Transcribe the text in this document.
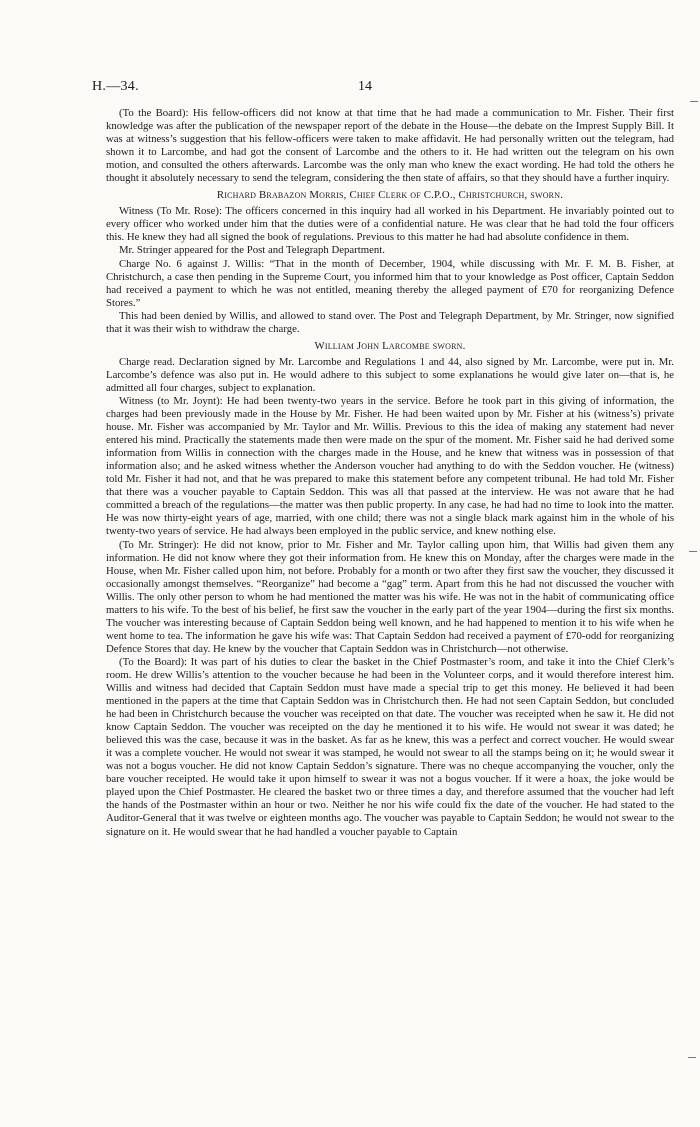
H.—34.	14

(To the Board): His fellow-officers did not know at that time that he had made a communication to Mr. Fisher. Their first knowledge was after the publication of the newspaper report of the debate in the House—the debate on the Imprest Supply Bill. It was at witness’s suggestion that his fellow-officers were taken to make affidavit. He had personally written out the telegram, had shown it to Larcombe, and had got the consent of Larcombe and the others to it. He had written out the telegram on his own motion, and consulted the others afterwards. Larcombe was the only man who knew the exact wording. He had told the others he thought it absolutely necessary to send the telegram, considering the then state of affairs, so that they should have a further inquiry.

Richard Brabazon Morris, Chief Clerk of C.P.O., Christchurch, sworn.

Witness (To Mr. Rose): The officers concerned in this inquiry had all worked in his Department. He invariably pointed out to every officer who worked under him that the duties were of a confidential nature. He was clear that he had told the four officers this. He knew they had all signed the book of regulations. Previous to this matter he had had absolute confidence in them.

Mr. Stringer appeared for the Post and Telegraph Department.

Charge No. 6 against J. Willis: “That in the month of December, 1904, while discussing with Mr. F. M. B. Fisher, at Christchurch, a case then pending in the Supreme Court, you informed him that to your knowledge as Post officer, Captain Seddon had received a payment to which he was not entitled, meaning thereby the alleged payment of £70 for reorganizing Defence Stores.”

This had been denied by Willis, and allowed to stand over. The Post and Telegraph Department, by Mr. Stringer, now signified that it was their wish to withdraw the charge.

William John Larcombe sworn.

Charge read. Declaration signed by Mr. Larcombe and Regulations 1 and 44, also signed by Mr. Larcombe, were put in. Mr. Larcombe’s defence was also put in. He would adhere to this subject to some explanations he would give later on—that is, he admitted all four charges, subject to explanation.

Witness (to Mr. Joynt): He had been twenty-two years in the service. Before he took part in this giving of information, the charges had been previously made in the House by Mr. Fisher. He had been waited upon by Mr. Fisher at his (witness’s) private house. Mr. Fisher was accompanied by Mr. Taylor and Mr. Willis. Previous to this the idea of making any statement had never entered his mind. Practically the statements made then were made on the spur of the moment. Mr. Fisher said he had derived some information from Willis in connection with the charges made in the House, and he knew that witness was in possession of that information also; and he asked witness whether the Anderson voucher had anything to do with the Seddon voucher. He (witness) told Mr. Fisher it had not, and that he was prepared to make this statement before any competent tribunal. He had told Mr. Fisher that there was a voucher payable to Captain Seddon. This was all that passed at the interview. He was not aware that he had committed a breach of the regulations—the matter was then public property. In any case, he had had no time to look into the matter. He was now thirty-eight years of age, married, with one child; there was not a single black mark against him in the whole of his twenty-two years of service. He had always been employed in the public service, and knew nothing else.

(To Mr. Stringer): He did not know, prior to Mr. Fisher and Mr. Taylor calling upon him, that Willis had given them any information. He did not know where they got their information from. He knew this on Monday, after the charges were made in the House, when Mr. Fisher called upon him, not before. Probably for a month or two after they first saw the voucher, they discussed it occasionally amongst themselves. “Reorganize” had become a “gag” term. Apart from this he had not discussed the voucher with Willis. The only other person to whom he had mentioned the matter was his wife. He was not in the habit of communicating office matters to his wife. To the best of his belief, he first saw the voucher in the early part of the year 1904—during the first six months. The voucher was interesting because of Captain Seddon being well known, and he had happened to mention it to his wife when he went home to tea. The information he gave his wife was: That Captain Seddon had received a payment of £70-odd for reorganizing Defence Stores that day. He knew by the voucher that Captain Seddon was in Christchurch—not otherwise.

(To the Board): It was part of his duties to clear the basket in the Chief Postmaster’s room, and take it into the Chief Clerk’s room. He drew Willis’s attention to the voucher because he had been in the Volunteer corps, and it would therefore interest him. Willis and witness had decided that Captain Seddon must have made a special trip to get this money. He believed it had been mentioned in the papers at the time that Captain Seddon was in Christchurch then. He had not seen Captain Seddon, but concluded he had been in Christchurch because the voucher was receipted on that date. The voucher was receipted when he saw it. He did not know Captain Seddon. The voucher was receipted on the day he mentioned it to his wife. He would not swear it was dated; he believed this was the case, because it was in the basket. As far as he knew, this was a perfect and correct voucher. He would swear it was a complete voucher. He would not swear it was stamped, he would not swear to all the stamps being on it; he would swear it was not a bogus voucher. He did not know Captain Seddon’s signature. There was no cheque accompanying the voucher, only the bare voucher receipted. He would take it upon himself to swear it was not a bogus voucher. If it were a hoax, the joke would be played upon the Chief Postmaster. He cleared the basket two or three times a day, and therefore assumed that the voucher had left the hands of the Postmaster within an hour or two. Neither he nor his wife could fix the date of the voucher. He had stated to the Auditor-General that it was twelve or eighteen months ago. The voucher was payable to Captain Seddon; he would not swear to the signature on it. He would swear that he had handled a voucher payable to Captain
